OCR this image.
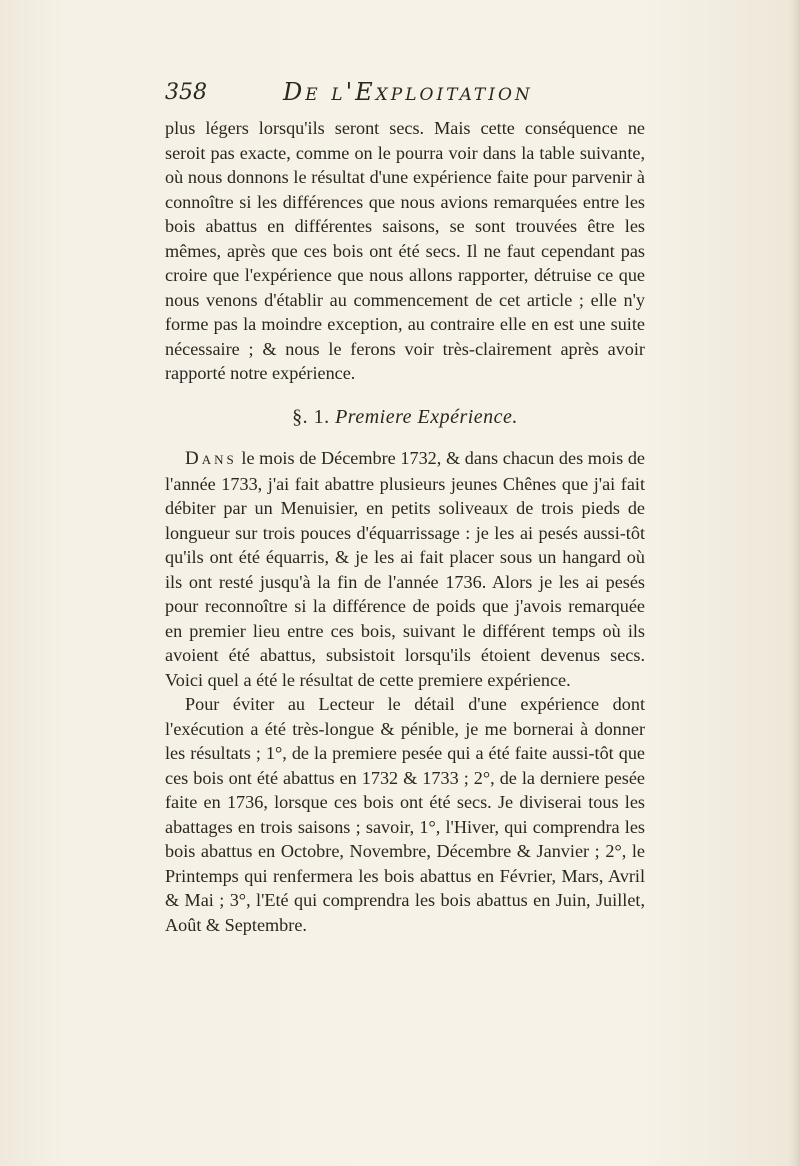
358	De l'Exploitation

plus légers lorsqu'ils seront secs. Mais cette conséquence ne seroit pas exacte, comme on le pourra voir dans la table suivante, où nous donnons le résultat d'une expérience faite pour parvenir à connoître si les différences que nous avions remarquées entre les bois abattus en différentes saisons, se sont trouvées être les mêmes, après que ces bois ont été secs. Il ne faut cependant pas croire que l'expérience que nous allons rapporter, détruise ce que nous venons d'établir au commencement de cet article ; elle n'y forme pas la moindre exception, au contraire elle en est une suite nécessaire ; & nous le ferons voir très-clairement après avoir rapporté notre expérience.

§. 1. Premiere Expérience.

Dans le mois de Décembre 1732, & dans chacun des mois de l'année 1733, j'ai fait abattre plusieurs jeunes Chênes que j'ai fait débiter par un Menuisier, en petits soliveaux de trois pieds de longueur sur trois pouces d'équarrissage : je les ai pesés aussi-tôt qu'ils ont été équarris, & je les ai fait placer sous un hangard où ils ont resté jusqu'à la fin de l'année 1736. Alors je les ai pesés pour reconnoître si la différence de poids que j'avois remarquée en premier lieu entre ces bois, suivant le différent temps où ils avoient été abattus, subsistoit lorsqu'ils étoient devenus secs. Voici quel a été le résultat de cette premiere expérience.

Pour éviter au Lecteur le détail d'une expérience dont l'exécution a été très-longue & pénible, je me bornerai à donner les résultats ; 1°, de la premiere pesée qui a été faite aussi-tôt que ces bois ont été abattus en 1732 & 1733 ; 2°, de la derniere pesée faite en 1736, lorsque ces bois ont été secs. Je diviserai tous les abattages en trois saisons ; savoir, 1°, l'Hiver, qui comprendra les bois abattus en Octobre, Novembre, Décembre & Janvier ; 2°, le Printemps qui renfermera les bois abattus en Février, Mars, Avril & Mai ; 3°, l'Eté qui comprendra les bois abattus en Juin, Juillet, Août & Septembre.
